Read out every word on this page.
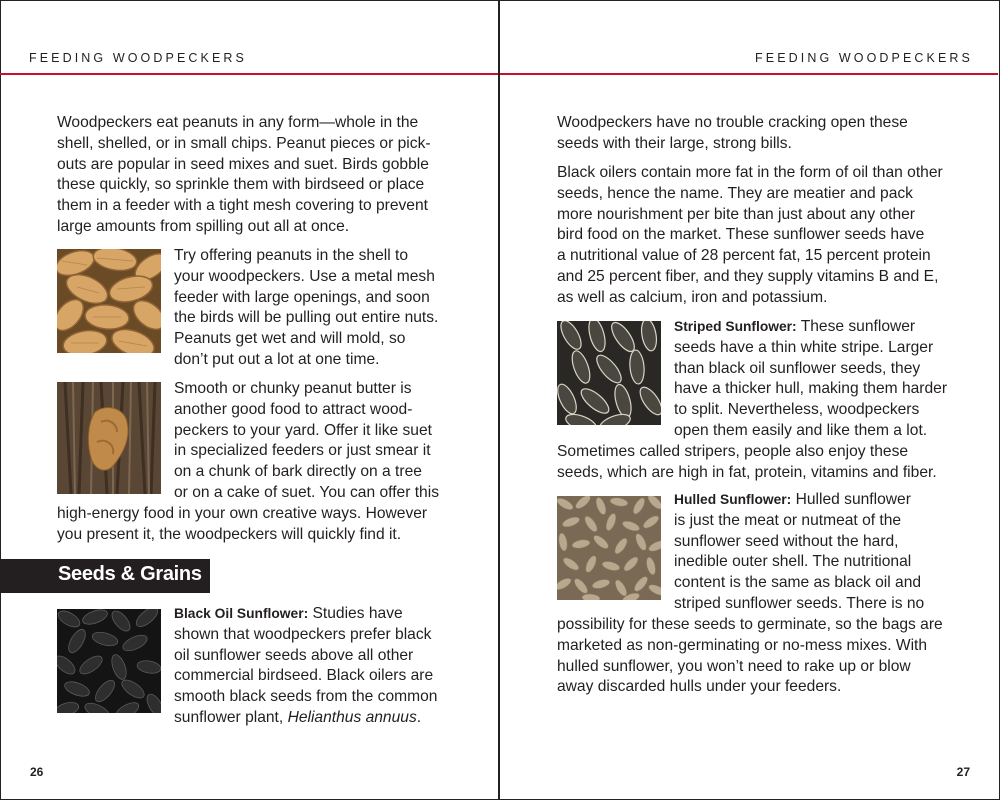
FEEDING WOODPECKERS
Woodpeckers eat peanuts in any form—whole in the
shell, shelled, or in small chips. Peanut pieces or pick-
outs are popular in seed mixes and suet. Birds gobble
these quickly, so sprinkle them with birdseed or place
them in a feeder with a tight mesh covering to prevent
large amounts from spilling out all at once.
Try offering peanuts in the shell to
your woodpeckers. Use a metal mesh
feeder with large openings, and soon
the birds will be pulling out entire nuts.
Peanuts get wet and will mold, so
don’t put out a lot at one time.
Smooth or chunky peanut butter is
another good food to attract wood-
peckers to your yard. Offer it like suet
in specialized feeders or just smear it
on a chunk of bark directly on a tree
or on a cake of suet. You can offer this
high-energy food in your own creative ways. However
you present it, the woodpeckers will quickly find it.
Seeds & Grains
Black Oil Sunflower: Studies have
shown that woodpeckers prefer black
oil sunflower seeds above all other
commercial birdseed. Black oilers are
smooth black seeds from the common
sunflower plant, Helianthus annuus.
26
FEEDING WOODPECKERS
Woodpeckers have no trouble cracking open these
seeds with their large, strong bills.
Black oilers contain more fat in the form of oil than other
seeds, hence the name. They are meatier and pack
more nourishment per bite than just about any other
bird food on the market. These sunflower seeds have
a nutritional value of 28 percent fat, 15 percent protein
and 25 percent fiber, and they supply vitamins B and E,
as well as calcium, iron and potassium.
Striped Sunflower: These sunflower
seeds have a thin white stripe. Larger
than black oil sunflower seeds, they
have a thicker hull, making them harder
to split. Nevertheless, woodpeckers
open them easily and like them a lot.
Sometimes called stripers, people also enjoy these
seeds, which are high in fat, protein, vitamins and fiber.
Hulled Sunflower: Hulled sunflower
is just the meat or nutmeat of the
sunflower seed without the hard,
inedible outer shell. The nutritional
content is the same as black oil and
striped sunflower seeds. There is no
possibility for these seeds to germinate, so the bags are
marketed as non-germinating or no-mess mixes. With
hulled sunflower, you won’t need to rake up or blow
away discarded hulls under your feeders.
27
